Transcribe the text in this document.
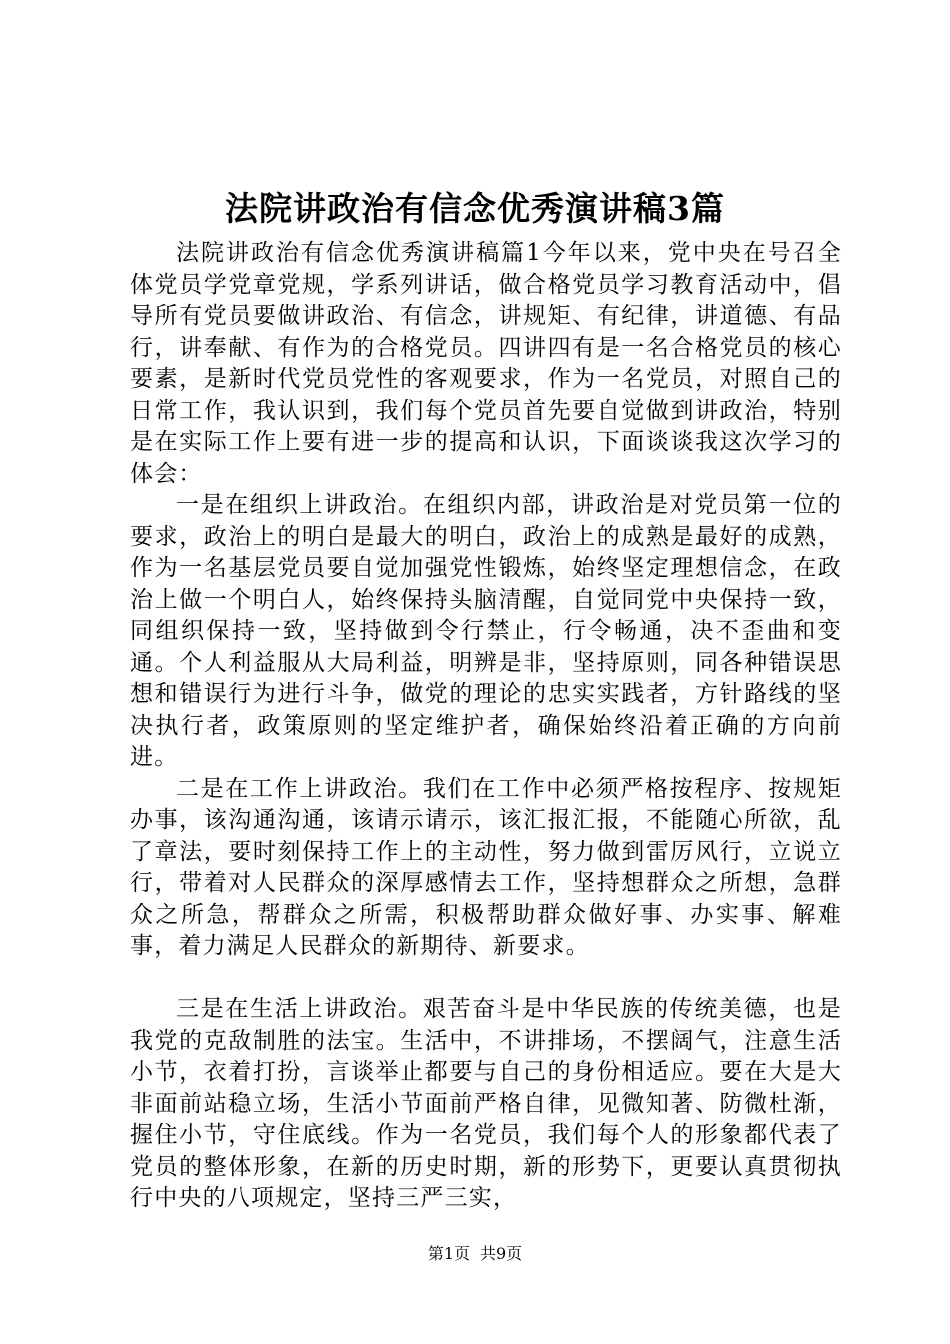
法院讲政治有信念优秀演讲稿3篇

法院讲政治有信念优秀演讲稿篇1今年以来，党中央在号召全体党员学党章党规，学系列讲话，做合格党员学习教育活动中，倡导所有党员要做讲政治、有信念，讲规矩、有纪律，讲道德、有品行，讲奉献、有作为的合格党员。四讲四有是一名合格党员的核心要素，是新时代党员党性的客观要求，作为一名党员，对照自己的日常工作，我认识到，我们每个党员首先要自觉做到讲政治，特别是在实际工作上要有进一步的提高和认识，下面谈谈我这次学习的体会：

一是在组织上讲政治。在组织内部，讲政治是对党员第一位的要求，政治上的明白是最大的明白，政治上的成熟是最好的成熟，作为一名基层党员要自觉加强党性锻炼，始终坚定理想信念，在政治上做一个明白人，始终保持头脑清醒，自觉同党中央保持一致，同组织保持一致，坚持做到令行禁止，行令畅通，决不歪曲和变通。个人利益服从大局利益，明辨是非，坚持原则，同各种错误思想和错误行为进行斗争，做党的理论的忠实实践者，方针路线的坚决执行者，政策原则的坚定维护者，确保始终沿着正确的方向前进。

二是在工作上讲政治。我们在工作中必须严格按程序、按规矩办事，该沟通沟通，该请示请示，该汇报汇报，不能随心所欲，乱了章法，要时刻保持工作上的主动性，努力做到雷厉风行，立说立行，带着对人民群众的深厚感情去工作，坚持想群众之所想，急群众之所急，帮群众之所需，积极帮助群众做好事、办实事、解难事，着力满足人民群众的新期待、新要求。

三是在生活上讲政治。艰苦奋斗是中华民族的传统美德，也是我党的克敌制胜的法宝。生活中，不讲排场，不摆阔气，注意生活小节，衣着打扮，言谈举止都要与自己的身份相适应。要在大是大非面前站稳立场，生活小节面前严格自律，见微知著、防微杜渐，握住小节，守住底线。作为一名党员，我们每个人的形象都代表了党员的整体形象，在新的历史时期，新的形势下，更要认真贯彻执行中央的八项规定，坚持三严三实，

第1页 共9页
